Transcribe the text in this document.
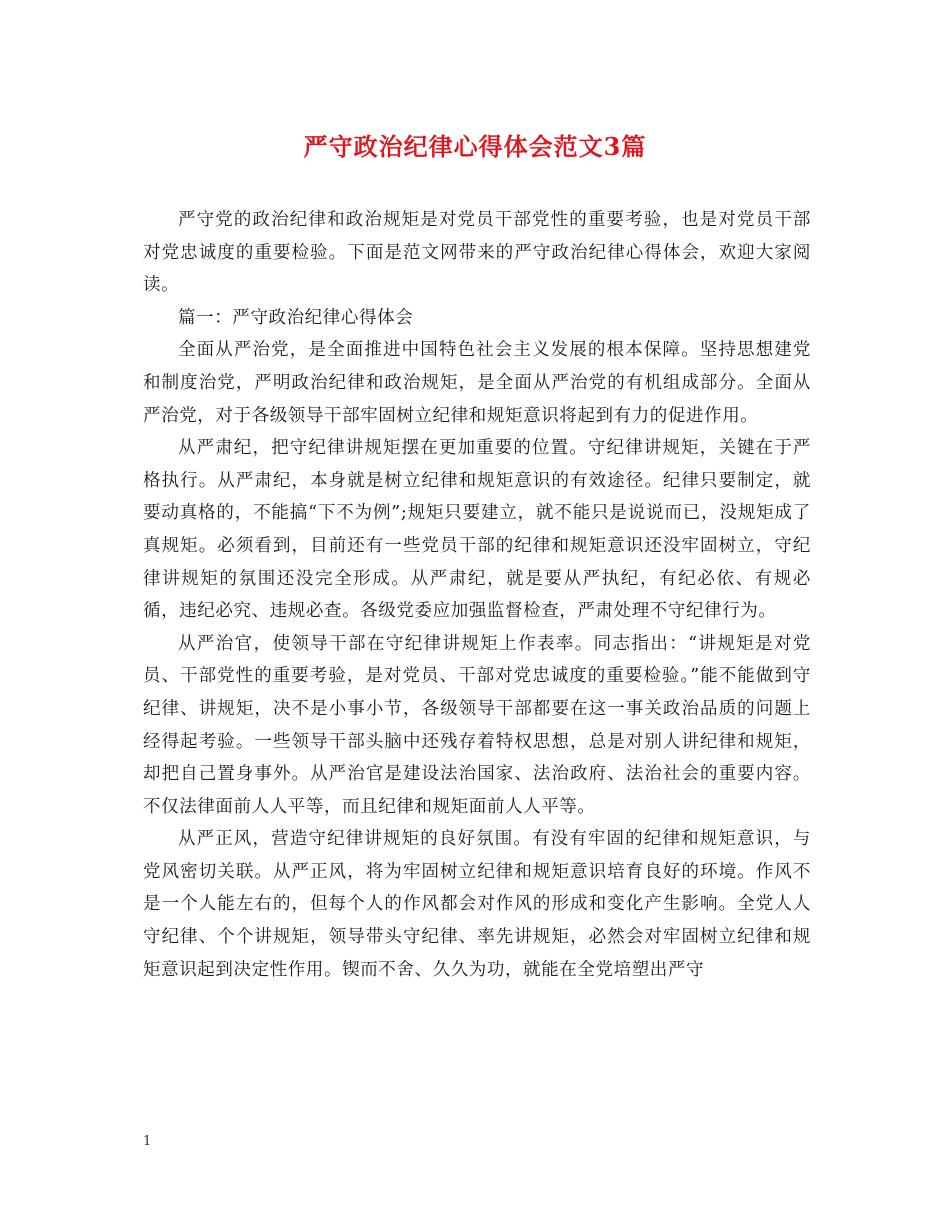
严守政治纪律心得体会范文3篇

严守党的政治纪律和政治规矩是对党员干部党性的重要考验，也是对党员干部对党忠诚度的重要检验。下面是范文网带来的严守政治纪律心得体会，欢迎大家阅读。

篇一：严守政治纪律心得体会

全面从严治党，是全面推进中国特色社会主义发展的根本保障。坚持思想建党和制度治党，严明政治纪律和政治规矩，是全面从严治党的有机组成部分。全面从严治党，对于各级领导干部牢固树立纪律和规矩意识将起到有力的促进作用。

从严肃纪，把守纪律讲规矩摆在更加重要的位置。守纪律讲规矩，关键在于严格执行。从严肃纪，本身就是树立纪律和规矩意识的有效途径。纪律只要制定，就要动真格的，不能搞“下不为例”;规矩只要建立，就不能只是说说而已，没规矩成了真规矩。必须看到，目前还有一些党员干部的纪律和规矩意识还没牢固树立，守纪律讲规矩的氛围还没完全形成。从严肃纪，就是要从严执纪，有纪必依、有规必循，违纪必究、违规必查。各级党委应加强监督检查，严肃处理不守纪律行为。

从严治官，使领导干部在守纪律讲规矩上作表率。同志指出：“讲规矩是对党员、干部党性的重要考验，是对党员、干部对党忠诚度的重要检验。”能不能做到守纪律、讲规矩，决不是小事小节，各级领导干部都要在这一事关政治品质的问题上经得起考验。一些领导干部头脑中还残存着特权思想，总是对别人讲纪律和规矩，却把自己置身事外。从严治官是建设法治国家、法治政府、法治社会的重要内容。不仅法律面前人人平等，而且纪律和规矩面前人人平等。

从严正风，营造守纪律讲规矩的良好氛围。有没有牢固的纪律和规矩意识，与党风密切关联。从严正风，将为牢固树立纪律和规矩意识培育良好的环境。作风不是一个人能左右的，但每个人的作风都会对作风的形成和变化产生影响。全党人人守纪律、个个讲规矩，领导带头守纪律、率先讲规矩，必然会对牢固树立纪律和规矩意识起到决定性作用。锲而不舍、久久为功，就能在全党培塑出严守

1
